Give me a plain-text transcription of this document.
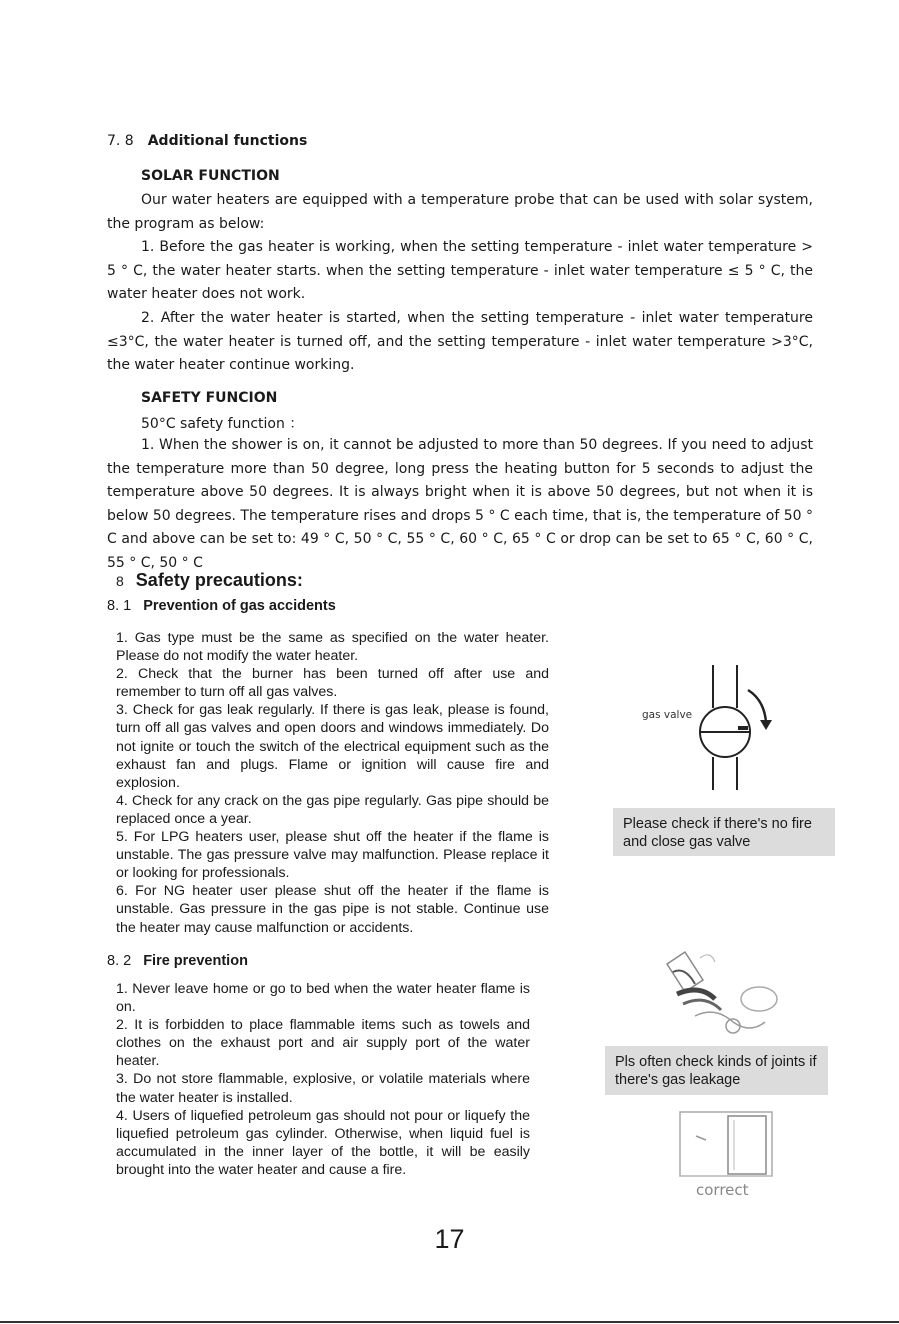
7. 8 Additional functions
SOLAR FUNCTION

Our water heaters are equipped with a temperature probe that can be used with solar system, the program as below:

1. Before the gas heater is working, when the setting temperature - inlet water temperature > 5 ° C, the water heater starts. when the setting temperature - inlet water temperature ≤ 5 ° C, the water heater does not work.

2. After the water heater is started, when the setting temperature - inlet water temperature ≤3°C, the water heater is turned off, and the setting temperature - inlet water temperature >3°C, the water heater continue working.

SAFETY FUNCION
50°C safety function ：

1. When the shower is on, it cannot be adjusted to more than 50 degrees. If you need to adjust the temperature more than 50 degree, long press the heating button for 5 seconds to adjust the temperature above 50 degrees. It is always bright when it is above 50 degrees, but not when it is below 50 degrees. The temperature rises and drops 5 ° C each time, that is, the temperature of 50 ° C and above can be set to: 49 ° C, 50 ° C, 55 ° C, 60 ° C, 65 ° C or drop can be set to 65 ° C, 60 ° C, 55 ° C, 50 ° C

8 Safety precautions:
8. 1 Prevention of gas accidents
1. Gas type must be the same as specified on the water heater. Please do not modify the water heater.
2. Check that the burner has been turned off after use and remember to turn off all gas valves.
3. Check for gas leak regularly. If there is gas leak, please is found, turn off all gas valves and open doors and windows immediately. Do not ignite or touch the switch of the electrical equipment such as the exhaust fan and plugs. Flame or ignition will cause fire and explosion.
4. Check for any crack on the gas pipe regularly. Gas pipe should be replaced once a year.
5. For LPG heaters user, please shut off the heater if the flame is unstable. The gas pressure valve may malfunction. Please replace it or looking for professionals.
6. For NG heater user please shut off the heater if the flame is unstable. Gas pressure in the gas pipe is not stable. Continue use the heater may cause malfunction or accidents.
8. 2 Fire prevention
1. Never leave home or go to bed when the water heater flame is on.
2. It is forbidden to place flammable items such as towels and clothes on the exhaust port and air supply port of the water heater.
3. Do not store flammable, explosive, or volatile materials where the water heater is installed.
4. Users of liquefied petroleum gas should not pour or liquefy the liquefied petroleum gas cylinder. Otherwise, when liquid fuel is accumulated in the inner layer of the bottle, it will be easily brought into the water heater and cause a fire.
gas valve
Please check if there's no fire and close gas valve
Pls often check kinds of joints if there's gas leakage
correct
17
